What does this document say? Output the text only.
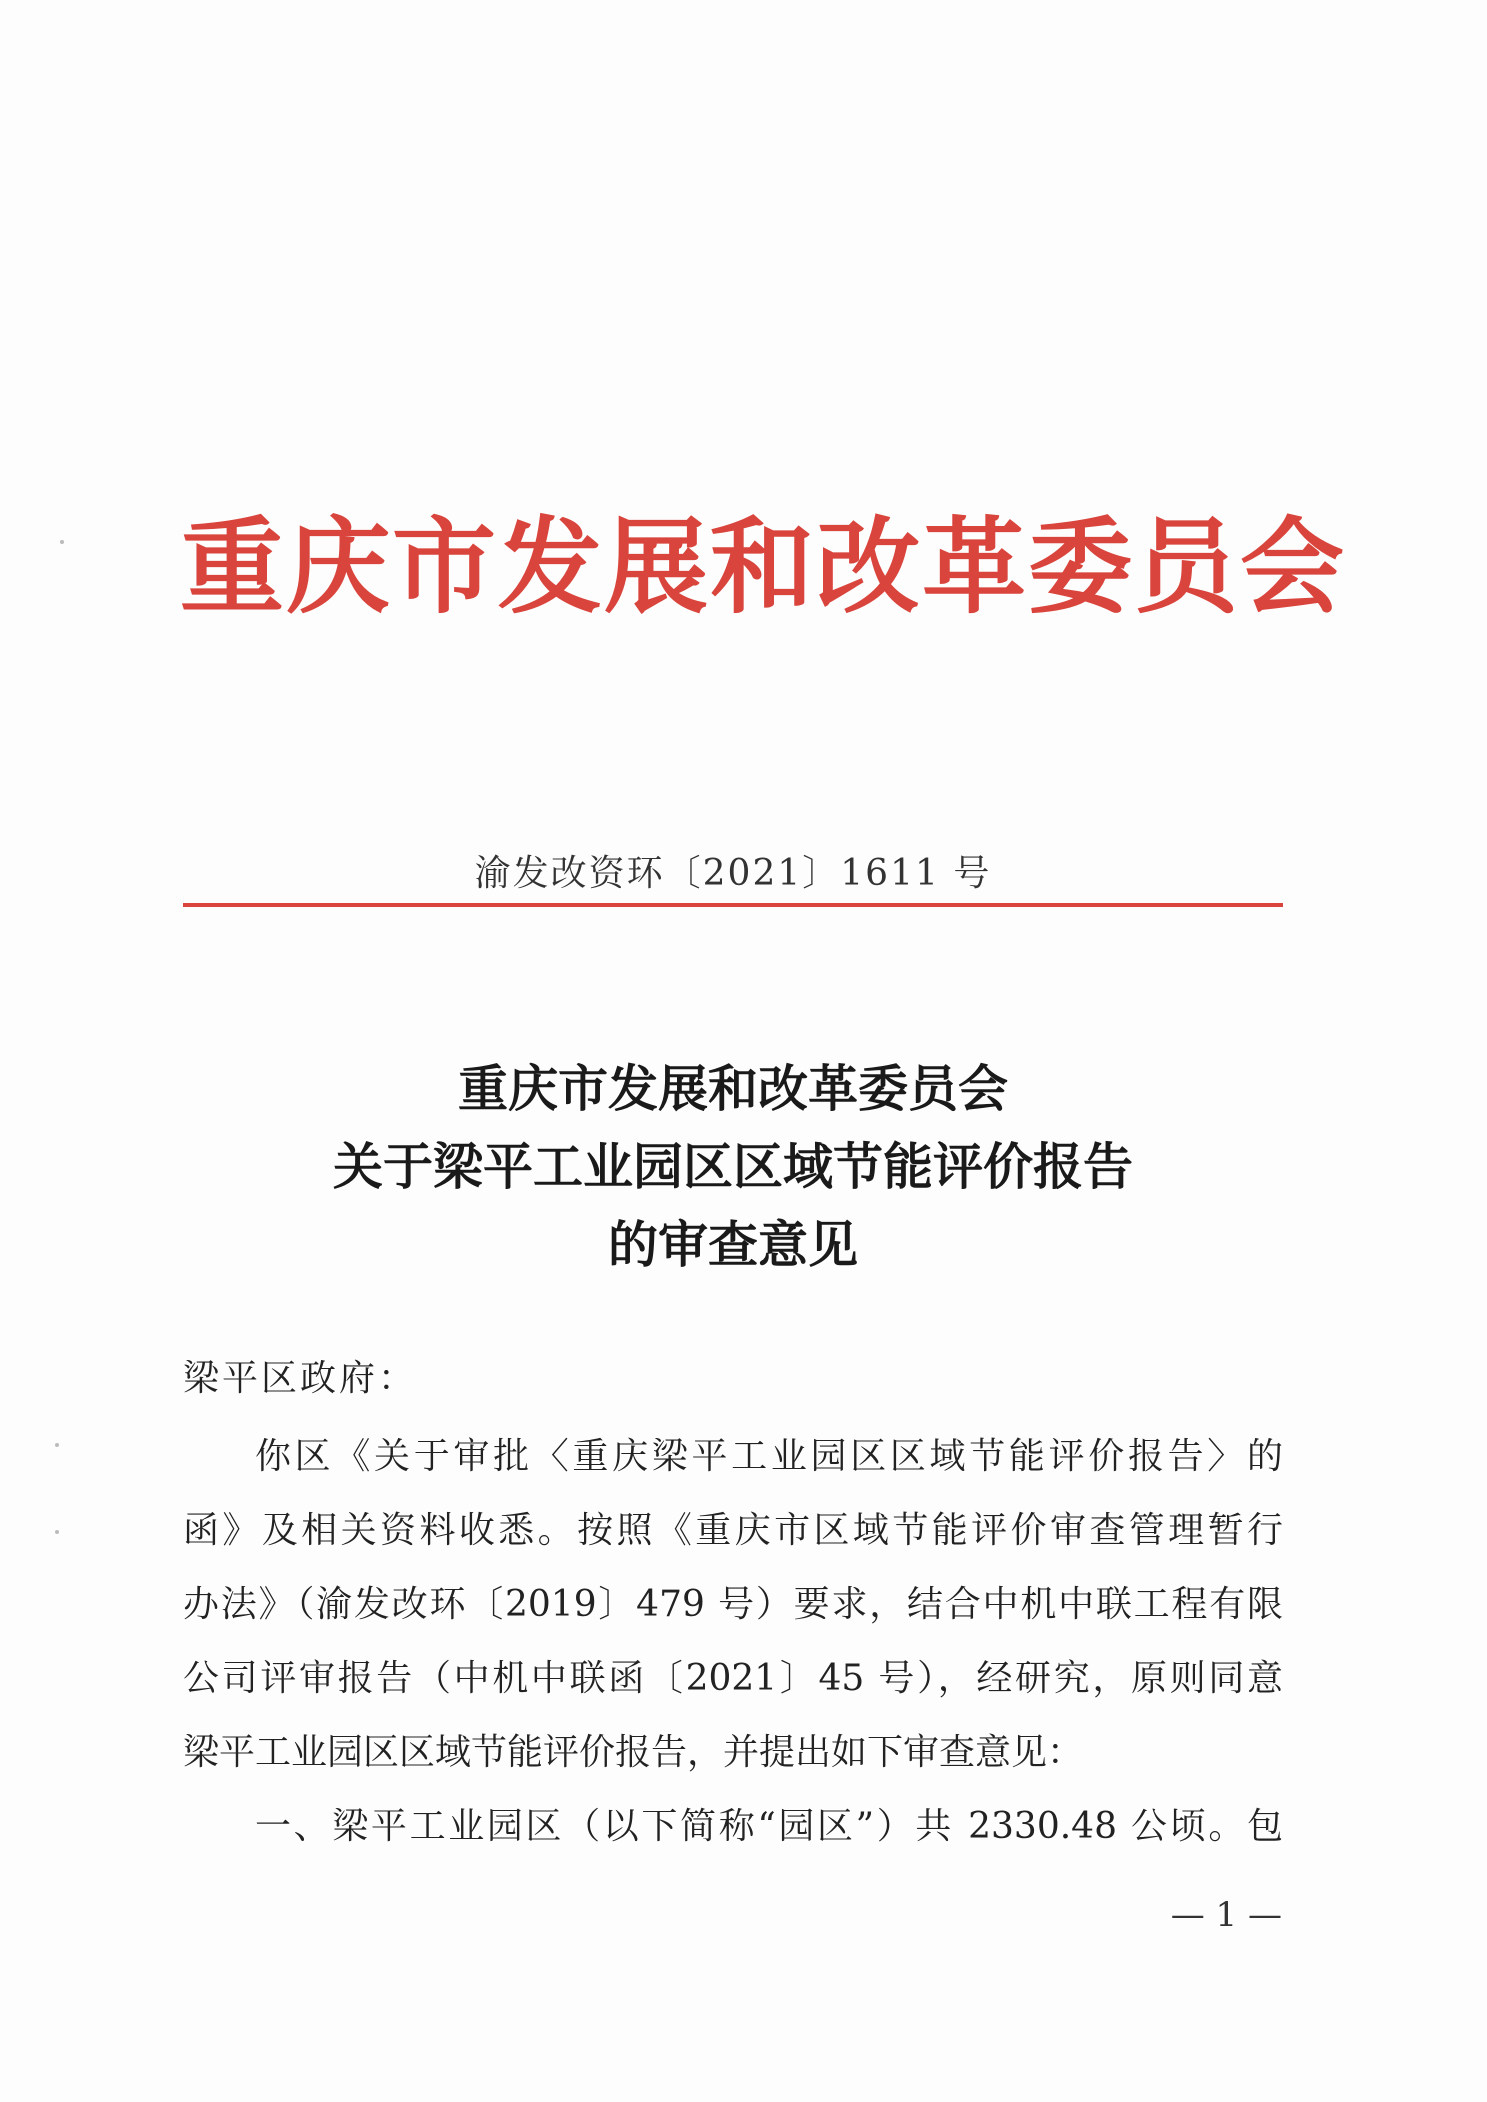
重庆市发展和改革委员会
渝发改资环〔2021〕1611 号
重庆市发展和改革委员会
关于梁平工业园区区域节能评价报告
的审查意见
梁平区政府：
你区《关于审批〈重庆梁平工业园区区域节能评价报告〉的
函》及相关资料收悉。按照《重庆市区域节能评价审查管理暂行
办法》（渝发改环〔2019〕479 号）要求，结合中机中联工程有限
公司评审报告（中机中联函〔2021〕45 号），经研究，原则同意
梁平工业园区区域节能评价报告，并提出如下审查意见：
一、梁平工业园区（以下简称“园区”）共 2330.48 公顷。包
— 1 —
